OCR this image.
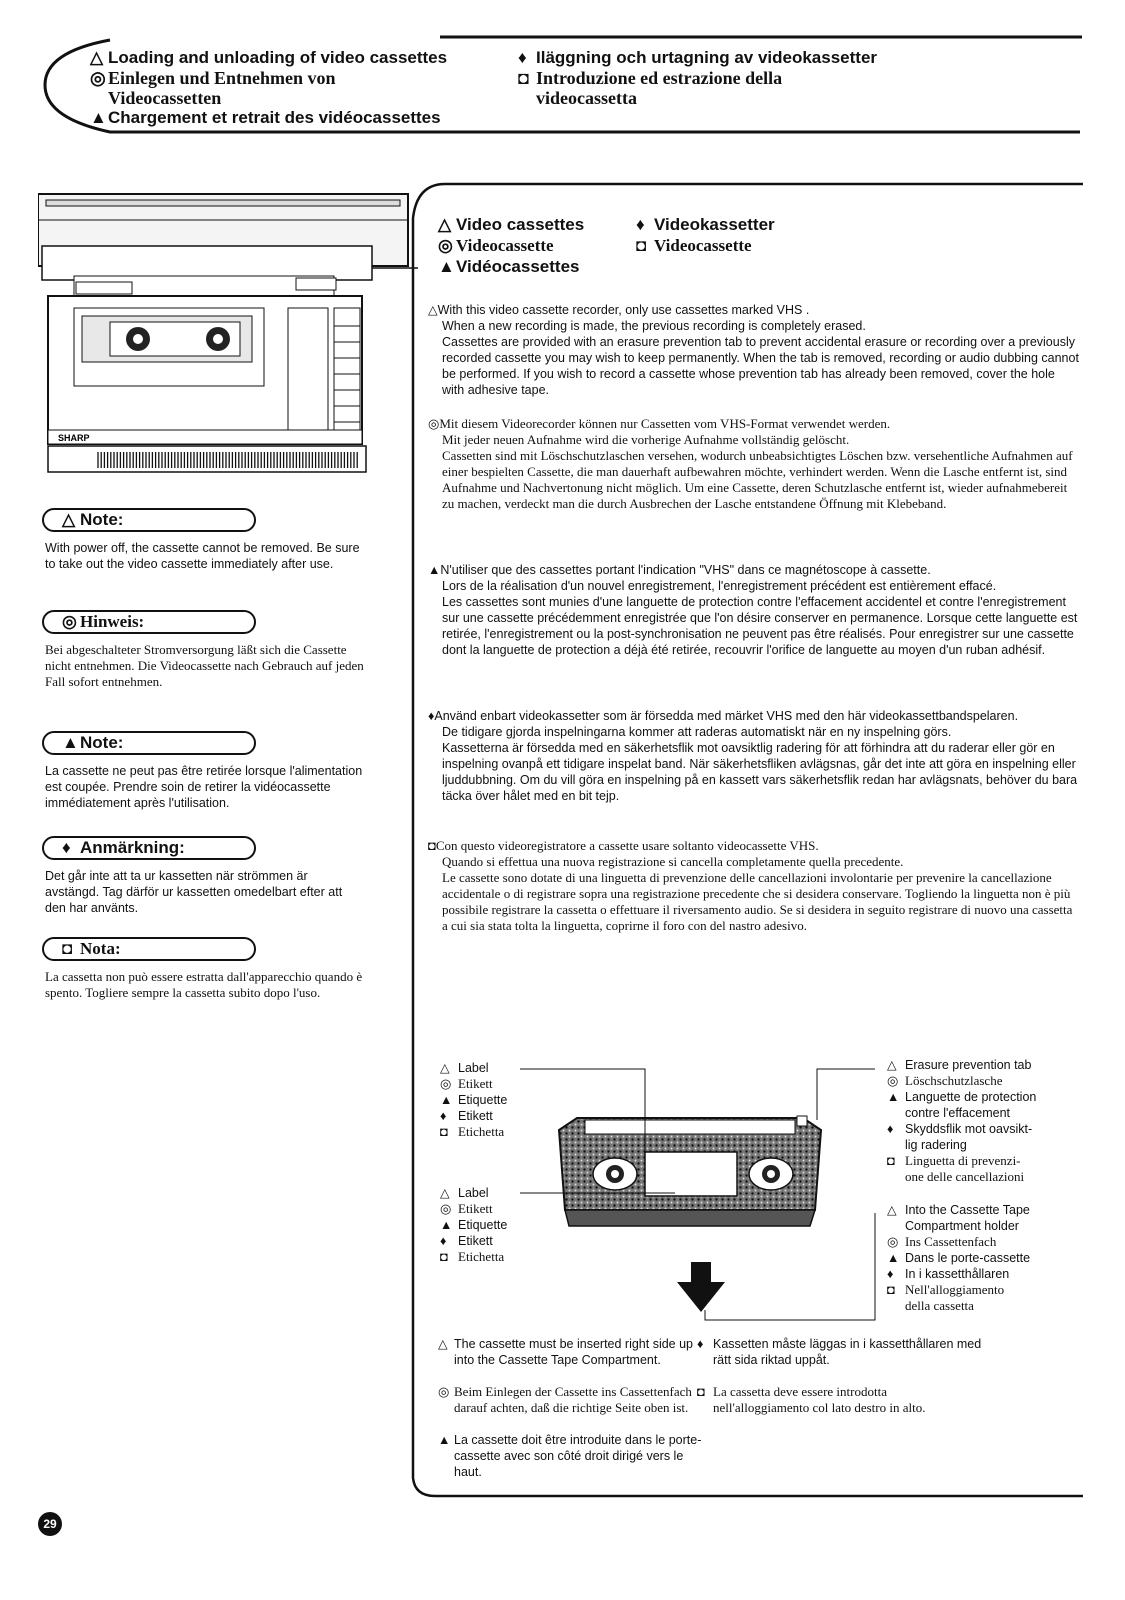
△ Loading and unloading of video cassettes
◎ Einlegen und Entnehmen von
Videocassetten
▲Chargement et retrait des vidéocassettes
♦ Iläggning och urtagning av videokassetter
◘ Introduzione ed estrazione della
videocassetta
SHARP
△ Note:
With power off, the cassette cannot be removed. Be sure to take out the video cassette immediately after use.
◎ Hinweis:
Bei abgeschalteter Stromversorgung läßt sich die Cassette nicht entnehmen. Die Videocassette nach Gebrauch auf jeden Fall sofort entnehmen.
▲Note:
La cassette ne peut pas être retirée lorsque l'alimentation est coupée. Prendre soin de retirer la vidéocassette immédiatement après l'utilisation.
♦ Anmärkning:
Det går inte att ta ur kassetten när strömmen är avstängd. Tag därför ur kassetten omedelbart efter att den har använts.
◘ Nota:
La cassetta non può essere estratta dall'apparecchio quando è spento. Togliere sempre la cassetta subito dopo l'uso.
△ Video cassettes
◎ Videocassette
▲Vidéocassettes
♦ Videokassetter
◘ Videocassette

△With this video cassette recorder, only use cassettes marked VHS .

When a new recording is made, the previous recording is completely erased.

Cassettes are provided with an erasure prevention tab to prevent accidental erasure or recording over a previously recorded cassette you may wish to keep permanently. When the tab is removed, recording or audio dubbing cannot be performed. If you wish to record a cassette whose prevention tab has already been removed, cover the hole with adhesive tape.

◎Mit diesem Videorecorder können nur Cassetten vom VHS-Format verwendet werden.

Mit jeder neuen Aufnahme wird die vorherige Aufnahme vollständig gelöscht.

Cassetten sind mit Löschschutzlaschen versehen, wodurch unbeabsichtigtes Löschen bzw. versehentliche Aufnahmen auf einer bespielten Cassette, die man dauerhaft aufbewahren möchte, verhindert werden. Wenn die Lasche entfernt ist, sind Aufnahme und Nachvertonung nicht möglich. Um eine Cassette, deren Schutzlasche entfernt ist, wieder aufnahmebereit zu machen, verdeckt man die durch Ausbrechen der Lasche entstandene Öffnung mit Klebeband.

▲N'utiliser que des cassettes portant l'indication "VHS" dans ce magnétoscope à cassette.

Lors de la réalisation d'un nouvel enregistrement, l'enregistrement précédent est entièrement effacé.

Les cassettes sont munies d'une languette de protection contre l'effacement accidentel et contre l'enregistrement sur une cassette précédemment enregistrée que l'on désire conserver en permanence. Lorsque cette languette est retirée, l'enregistrement ou la post-synchronisation ne peuvent pas être réalisés. Pour enregistrer sur une cassette dont la languette de protection a déjà été retirée, recouvrir l'orifice de languette au moyen d'un ruban adhésif.

♦Använd enbart videokassetter som är försedda med märket VHS med den här videokassettbandspelaren.

De tidigare gjorda inspelningarna kommer att raderas automatiskt när en ny inspelning görs.

Kassetterna är försedda med en säkerhetsflik mot oavsiktlig radering för att förhindra att du raderar eller gör en inspelning ovanpå ett tidigare inspelat band. När säkerhetsfliken avlägsnas, går det inte att göra en inspelning eller ljuddubbning. Om du vill göra en inspelning på en kassett vars säkerhetsflik redan har avlägsnats, behöver du bara täcka över hålet med en bit tejp.

◘Con questo videoregistratore a cassette usare soltanto videocassette VHS.

Quando si effettua una nuova registrazione si cancella completamente quella precedente.

Le cassette sono dotate di una linguetta di prevenzione delle cancellazioni involontarie per prevenire la cancellazione accidentale o di registrare sopra una registrazione precedente che si desidera conservare. Togliendo la linguetta non è più possibile registrare la cassetta o effettuare il riversamento audio. Se si desidera in seguito registrare di nuovo una cassetta a cui sia stata tolta la linguetta, coprirne il foro con del nastro adesivo.

△ Label
◎ Etikett
▲ Etiquette
♦ Etikett
◘ Etichetta
△ Label
◎ Etikett
▲ Etiquette
♦ Etikett
◘ Etichetta
△ Erasure prevention tab
◎ Löschschutzlasche
▲ Languette de protection
contre l'effacement
♦ Skyddsflik mot oavsikt-
lig radering
◘ Linguetta di prevenzi-
one delle cancellazioni
△ Into the Cassette Tape
Compartment holder
◎ Ins Cassettenfach
▲ Dans le porte-cassette
♦ In i kassetthållaren
◘ Nell'alloggiamento
della cassetta
△ The cassette must be inserted right side up into the Cassette Tape Compartment.
◎ Beim Einlegen der Cassette ins Cassettenfach darauf achten, daß die richtige Seite oben ist.
▲ La cassette doit être introduite dans le porte-cassette avec son côté droit dirigé vers le haut.
♦ Kassetten måste läggas in i kassetthållaren med rätt sida riktad uppåt.
◘ La cassetta deve essere introdotta nell'alloggiamento col lato destro in alto.
29
